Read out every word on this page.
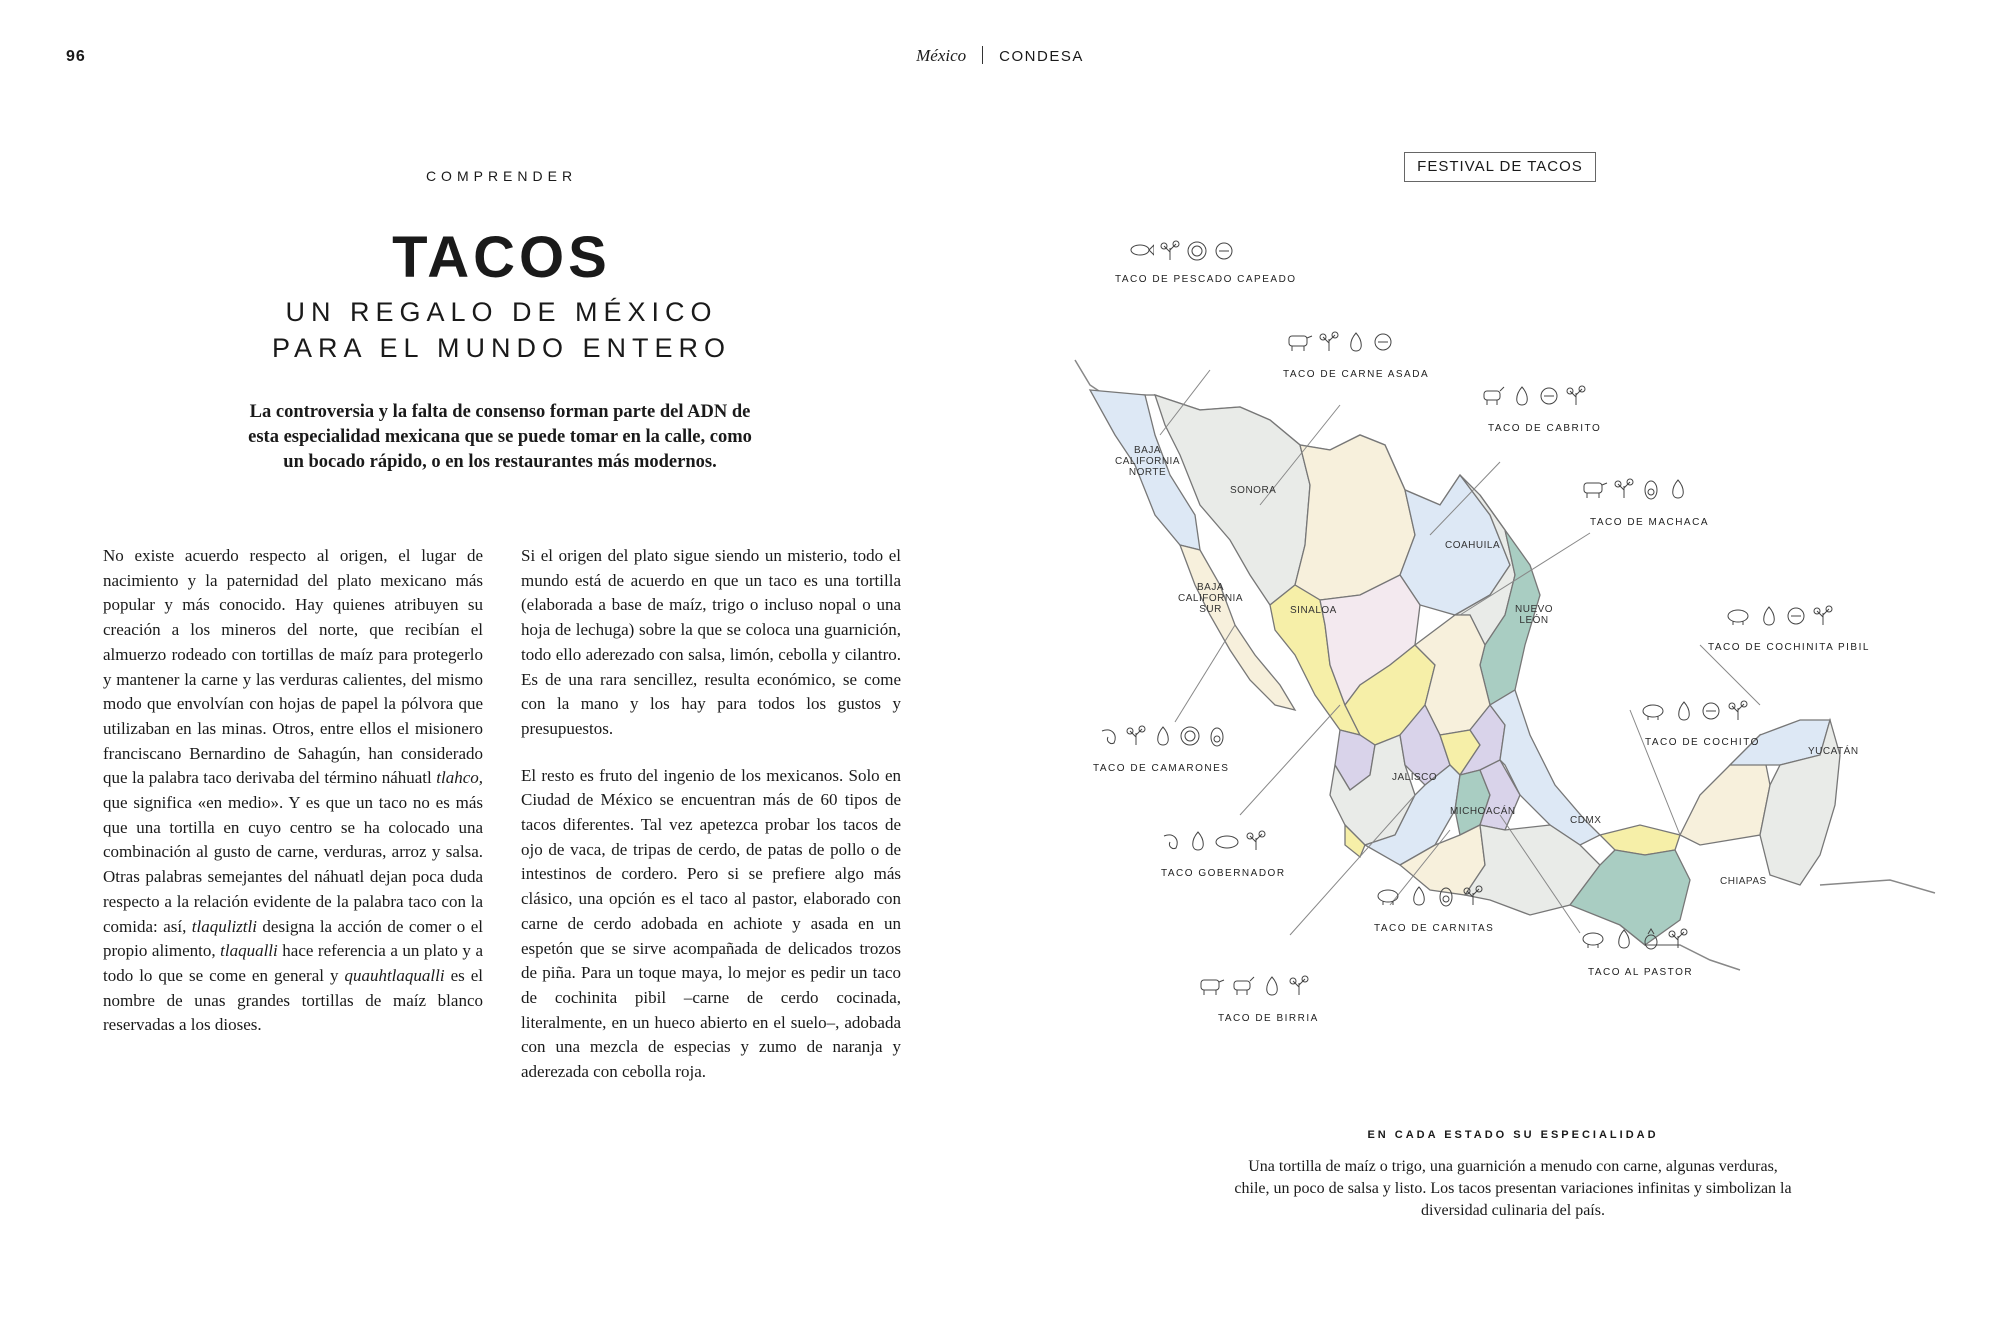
96	México CONDESA
COMPRENDER
TACOS
UN REGALO DE MÉXICO
PARA EL MUNDO ENTERO
La controversia y la falta de consenso forman parte del ADN de esta especialidad mexicana que se puede tomar en la calle, como un bocado rápido, o en los restaurantes más modernos.

No existe acuerdo respecto al origen, el lugar de nacimiento y la paternidad del plato mexicano más popular y más conocido. Hay quienes atribuyen su creación a los mineros del norte, que recibían el almuerzo rodeado con tortillas de maíz para protegerlo y mantener la carne y las verduras calientes, del mismo modo que envolvían con hojas de papel la pólvora que utilizaban en las minas. Otros, entre ellos el misionero franciscano Bernardino de Sahagún, han considerado que la palabra taco derivaba del término náhuatl tlahco, que significa «en medio». Y es que un taco no es más que una tortilla en cuyo centro se ha colocado una combinación al gusto de carne, verduras, arroz y salsa. Otras palabras semejantes del náhuatl dejan poca duda respecto a la relación evidente de la palabra taco con la comida: así, tlaquliztli designa la acción de comer o el propio alimento, tlaqualli hace referencia a un plato y a todo lo que se come en general y quauhtlaqualli es el nombre de unas grandes tortillas de maíz blanco reservadas a los dioses.

Si el origen del plato sigue siendo un misterio, todo el mundo está de acuerdo en que un taco es una tortilla (elaborada a base de maíz, trigo o incluso nopal o una hoja de lechuga) sobre la que se coloca una guarnición, todo ello aderezado con salsa, limón, cebolla y cilantro. Es de una rara sencillez, resulta económico, se come con la mano y los hay para todos los gustos y presupuestos.

El resto es fruto del ingenio de los mexicanos. Solo en Ciudad de México se encuentran más de 60 tipos de tacos diferentes. Tal vez apetezca probar los tacos de ojo de vaca, de tripas de cerdo, de patas de pollo o de intestinos de cordero. Pero si se prefiere algo más clásico, una opción es el taco al pastor, elaborado con carne de cerdo adobada en achiote y asada en un espetón que se sirve acompañada de delicados trozos de piña. Para un toque maya, lo mejor es pedir un taco de cochinita pibil –carne de cerdo cocinada, literalmente, en un hueco abierto en el suelo–, adobada con una mezcla de especias y zumo de naranja y aderezada con cebolla roja.

FESTIVAL DE TACOS
TACO DE PESCADO CAPEADO
TACO DE CARNE ASADA
TACO DE CABRITO
TACO DE MACHACA
TACO DE COCHINITA PIBIL
TACO DE COCHITO
TACO DE CAMARONES
TACO GOBERNADOR
TACO DE CARNITAS
TACO AL PASTOR
TACO DE BIRRIA
BAJA
CALIFORNIA
NORTE
BAJA
CALIFORNIA
SUR
SONORA
COAHUILA
NUEVO
LEÓN
SINALOA
JALISCO
MICHOACÁN
CDMX
YUCATÁN
CHIAPAS
EN CADA ESTADO SU ESPECIALIDAD
Una tortilla de maíz o trigo, una guarnición a menudo con carne, algunas verduras, chile, un poco de salsa y listo. Los tacos presentan variaciones infinitas y simbolizan la diversidad culinaria del país.
